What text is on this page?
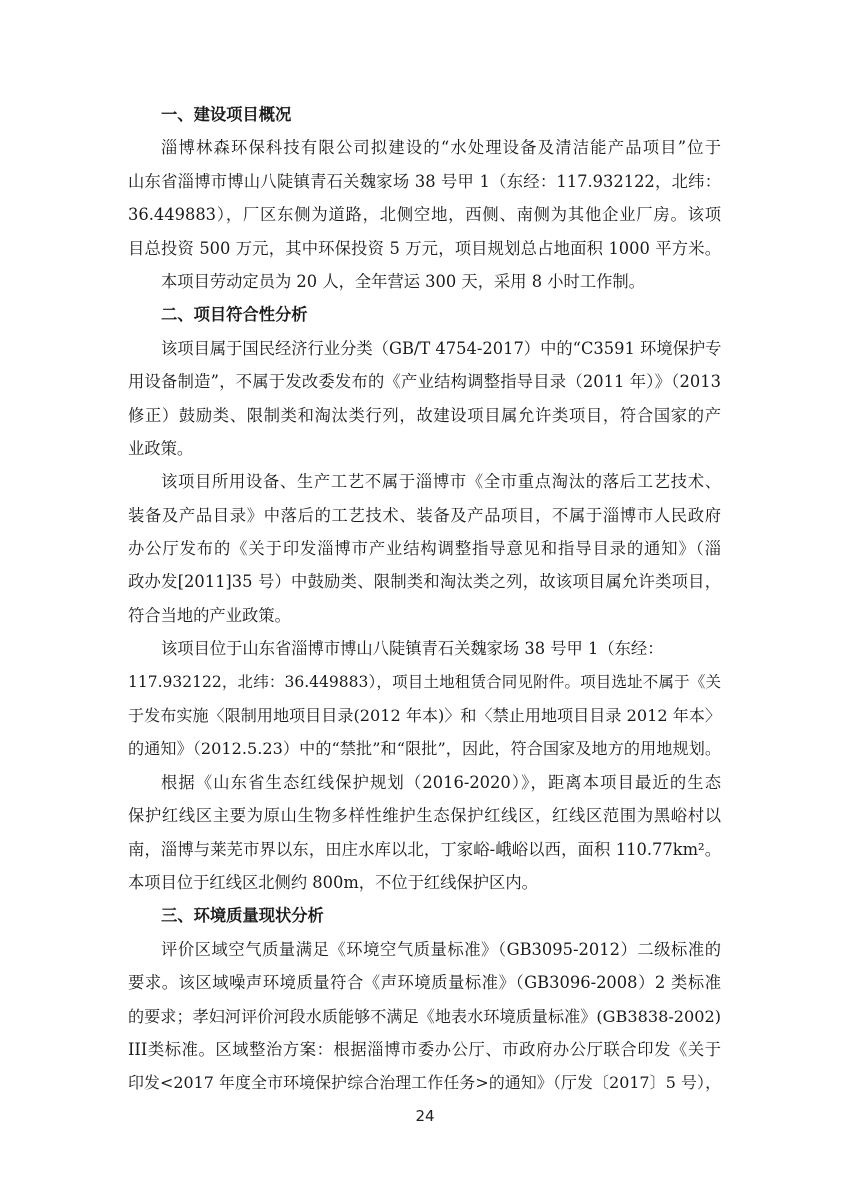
一、建设项目概况
淄博林森环保科技有限公司拟建设的“水处理设备及清洁能产品项目”位于
山东省淄博市博山八陡镇青石关魏家场 38 号甲 1（东经：117.932122，北纬：
36.449883），厂区东侧为道路，北侧空地，西侧、南侧为其他企业厂房。该项
目总投资 500 万元，其中环保投资 5 万元，项目规划总占地面积 1000 平方米。
本项目劳动定员为 20 人，全年营运 300 天，采用 8 小时工作制。
二、项目符合性分析
该项目属于国民经济行业分类（GB/T 4754-2017）中的“C3591 环境保护专
用设备制造”，不属于发改委发布的《产业结构调整指导目录（2011 年）》（2013
修正）鼓励类、限制类和淘汰类行列，故建设项目属允许类项目，符合国家的产
业政策。
该项目所用设备、生产工艺不属于淄博市《全市重点淘汰的落后工艺技术、
装备及产品目录》中落后的工艺技术、装备及产品项目，不属于淄博市人民政府
办公厅发布的《关于印发淄博市产业结构调整指导意见和指导目录的通知》（淄
政办发[2011]35 号）中鼓励类、限制类和淘汰类之列，故该项目属允许类项目，
符合当地的产业政策。
该项目位于山东省淄博市博山八陡镇青石关魏家场 38 号甲 1（东经：
117.932122，北纬：36.449883），项目土地租赁合同见附件。项目选址不属于《关
于发布实施〈限制用地项目目录(2012 年本)〉和〈禁止用地项目目录 2012 年本〉
的通知》（2012.5.23）中的“禁批”和“限批”，因此，符合国家及地方的用地规划。
根据《山东省生态红线保护规划（2016-2020）》，距离本项目最近的生态
保护红线区主要为原山生物多样性维护生态保护红线区，红线区范围为黑峪村以
南，淄博与莱芜市界以东，田庄水库以北，丁家峪-峨峪以西，面积 110.77km²。
本项目位于红线区北侧约 800m，不位于红线保护区内。
三、环境质量现状分析
评价区域空气质量满足《环境空气质量标准》（GB3095-2012）二级标准的
要求。该区域噪声环境质量符合《声环境质量标准》（GB3096-2008）2 类标准
的要求；孝妇河评价河段水质能够不满足《地表水环境质量标准》(GB3838-2002)
III类标准。区域整治方案：根据淄博市委办公厅、市政府办公厅联合印发《关于
印发<2017 年度全市环境保护综合治理工作任务>的通知》（厅发〔2017〕5 号），
24
